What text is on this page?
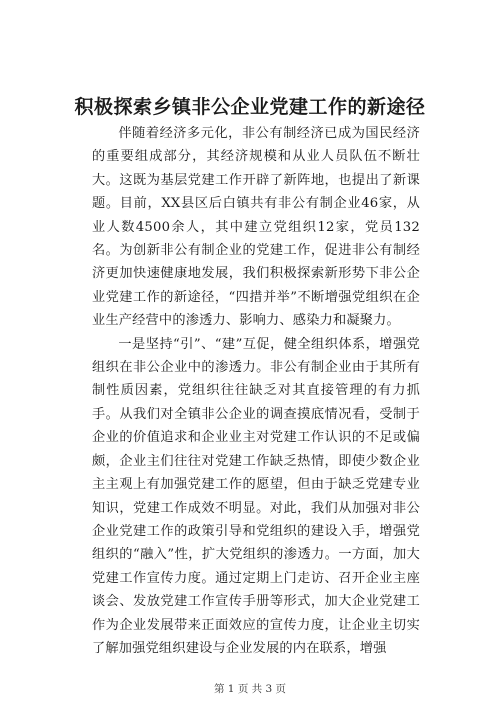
积极探索乡镇非公企业党建工作的新途径

伴随着经济多元化，非公有制经济已成为国民经济的重要组成部分，其经济规模和从业人员队伍不断壮大。这既为基层党建工作开辟了新阵地，也提出了新课题。目前，XX县区后白镇共有非公有制企业46家，从业人数4500余人，其中建立党组织12家，党员132名。为创新非公有制企业的党建工作，促进非公有制经济更加快速健康地发展，我们积极探索新形势下非公企业党建工作的新途径，“四措并举”不断增强党组织在企业生产经营中的渗透力、影响力、感染力和凝聚力。

一是坚持“引”、“建”互促，健全组织体系，增强党组织在非公企业中的渗透力。非公有制企业由于其所有制性质因素，党组织往往缺乏对其直接管理的有力抓手。从我们对全镇非公企业的调查摸底情况看，受制于企业的价值追求和企业业主对党建工作认识的不足或偏颇，企业主们往往对党建工作缺乏热情，即使少数企业主主观上有加强党建工作的愿望，但由于缺乏党建专业知识，党建工作成效不明显。对此，我们从加强对非公企业党建工作的政策引导和党组织的建设入手，增强党组织的“融入”性，扩大党组织的渗透力。一方面，加大党建工作宣传力度。通过定期上门走访、召开企业主座谈会、发放党建工作宣传手册等形式，加大企业党建工作为企业发展带来正面效应的宣传力度，让企业主切实了解加强党组织建设与企业发展的内在联系，增强

第 1 页 共 3 页
